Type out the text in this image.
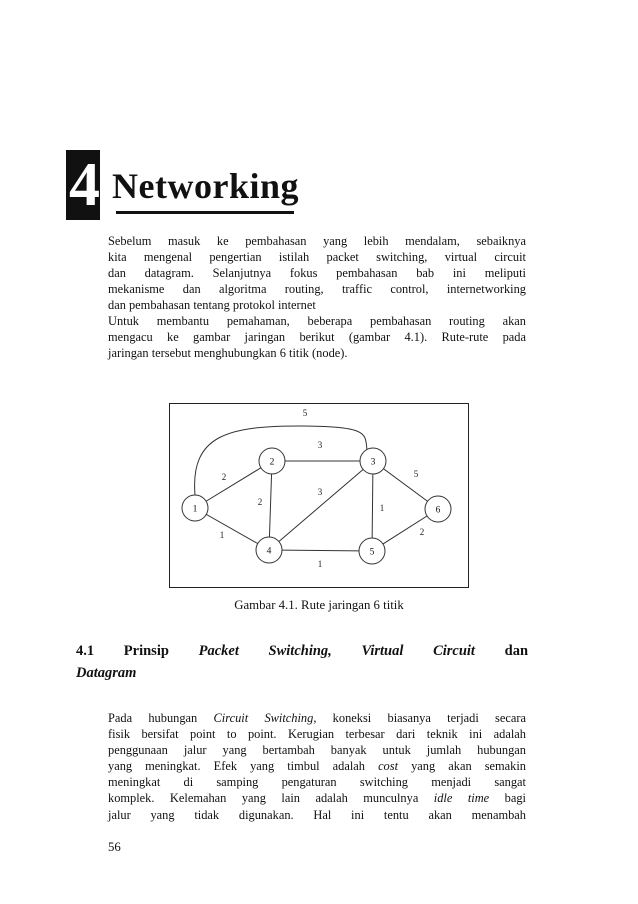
4 Networking

Sebelum masuk ke pembahasan yang lebih mendalam, sebaiknya
kita mengenal pengertian istilah packet switching, virtual circuit
dan datagram. Selanjutnya fokus pembahasan bab ini meliputi
mekanisme dan algoritma routing, traffic control, internetworking
dan pembahasan tentang protokol internet

Untuk membantu pemahaman, beberapa pembahasan routing akan
mengacu ke gambar jaringan berikut (gambar 4.1). Rute-rute pada
jaringan tersebut menghubungkan 6 titik (node).

5
2
1
3
2
3
1
5
1
2
1
2	3
4	5
6
Gambar 4.1. Rute jaringan 6 titik

4.1 Prinsip Packet Switching, Virtual Circuit dan

Datagram

Pada hubungan Circuit Switching, koneksi biasanya terjadi secara
fisik bersifat point to point. Kerugian terbesar dari teknik ini adalah
penggunaan jalur yang bertambah banyak untuk jumlah hubungan
yang meningkat. Efek yang timbul adalah cost yang akan semakin
meningkat di samping pengaturan switching menjadi sangat
komplek. Kelemahan yang lain adalah munculnya idle time bagi
jalur yang tidak digunakan. Hal ini tentu akan menambah

56
